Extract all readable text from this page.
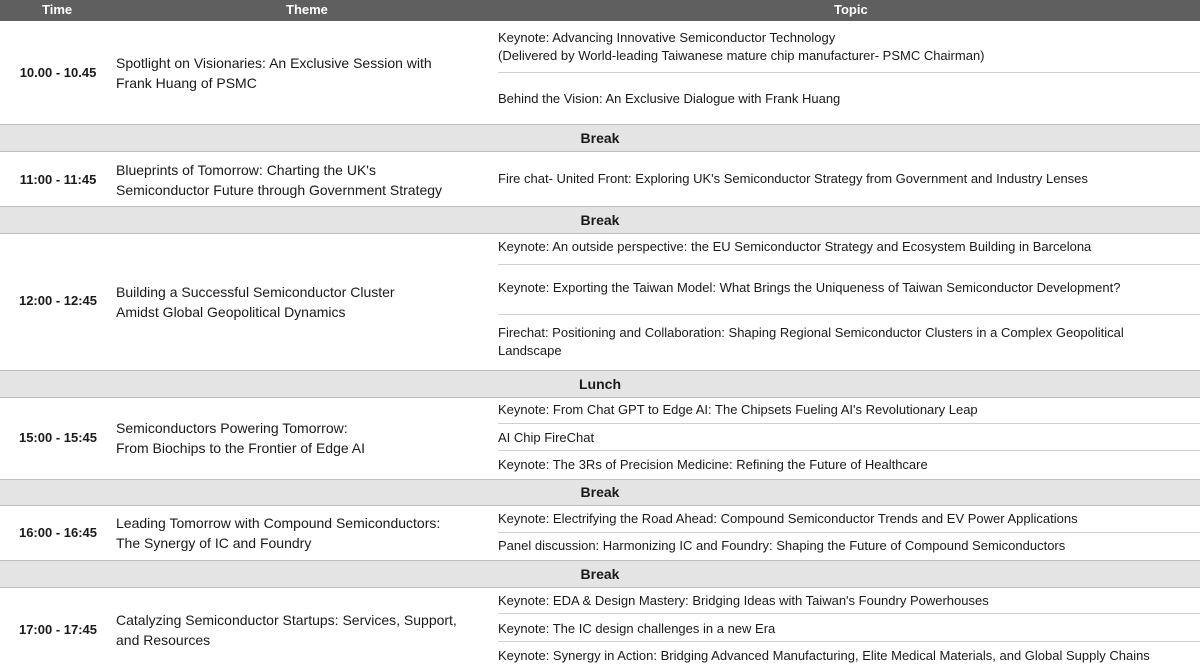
Time	Theme	Topic
10.00 - 10.45
Spotlight on Visionaries: An Exclusive Session with
Frank Huang of PSMC
Keynote: Advancing Innovative Semiconductor Technology
(Delivered by World-leading Taiwanese mature chip manufacturer- PSMC Chairman)
Behind the Vision: An Exclusive Dialogue with Frank Huang
Break
11:00 - 11:45
Blueprints of Tomorrow: Charting the UK's
Semiconductor Future through Government Strategy
Fire chat- United Front: Exploring UK's Semiconductor Strategy from Government and Industry Lenses
Break
12:00 - 12:45
Building a Successful Semiconductor Cluster
Amidst Global Geopolitical Dynamics
Keynote: An outside perspective: the EU Semiconductor Strategy and Ecosystem Building in Barcelona
Keynote: Exporting the Taiwan Model: What Brings the Uniqueness of Taiwan Semiconductor Development?
Firechat: Positioning and Collaboration: Shaping Regional Semiconductor Clusters in a Complex Geopolitical
Landscape
Lunch
15:00 - 15:45
Semiconductors Powering Tomorrow:
From Biochips to the Frontier of Edge AI
Keynote: From Chat GPT to Edge AI: The Chipsets Fueling AI's Revolutionary Leap
AI Chip FireChat
Keynote: The 3Rs of Precision Medicine: Refining the Future of Healthcare
Break
16:00 - 16:45
Leading Tomorrow with Compound Semiconductors:
The Synergy of IC and Foundry
Keynote: Electrifying the Road Ahead: Compound Semiconductor Trends and EV Power Applications
Panel discussion: Harmonizing IC and Foundry: Shaping the Future of Compound Semiconductors
Break
17:00 - 17:45
Catalyzing Semiconductor Startups: Services, Support,
and Resources
Keynote: EDA & Design Mastery: Bridging Ideas with Taiwan's Foundry Powerhouses
Keynote: The IC design challenges in a new Era
Keynote: Synergy in Action: Bridging Advanced Manufacturing, Elite Medical Materials, and Global Supply Chains
